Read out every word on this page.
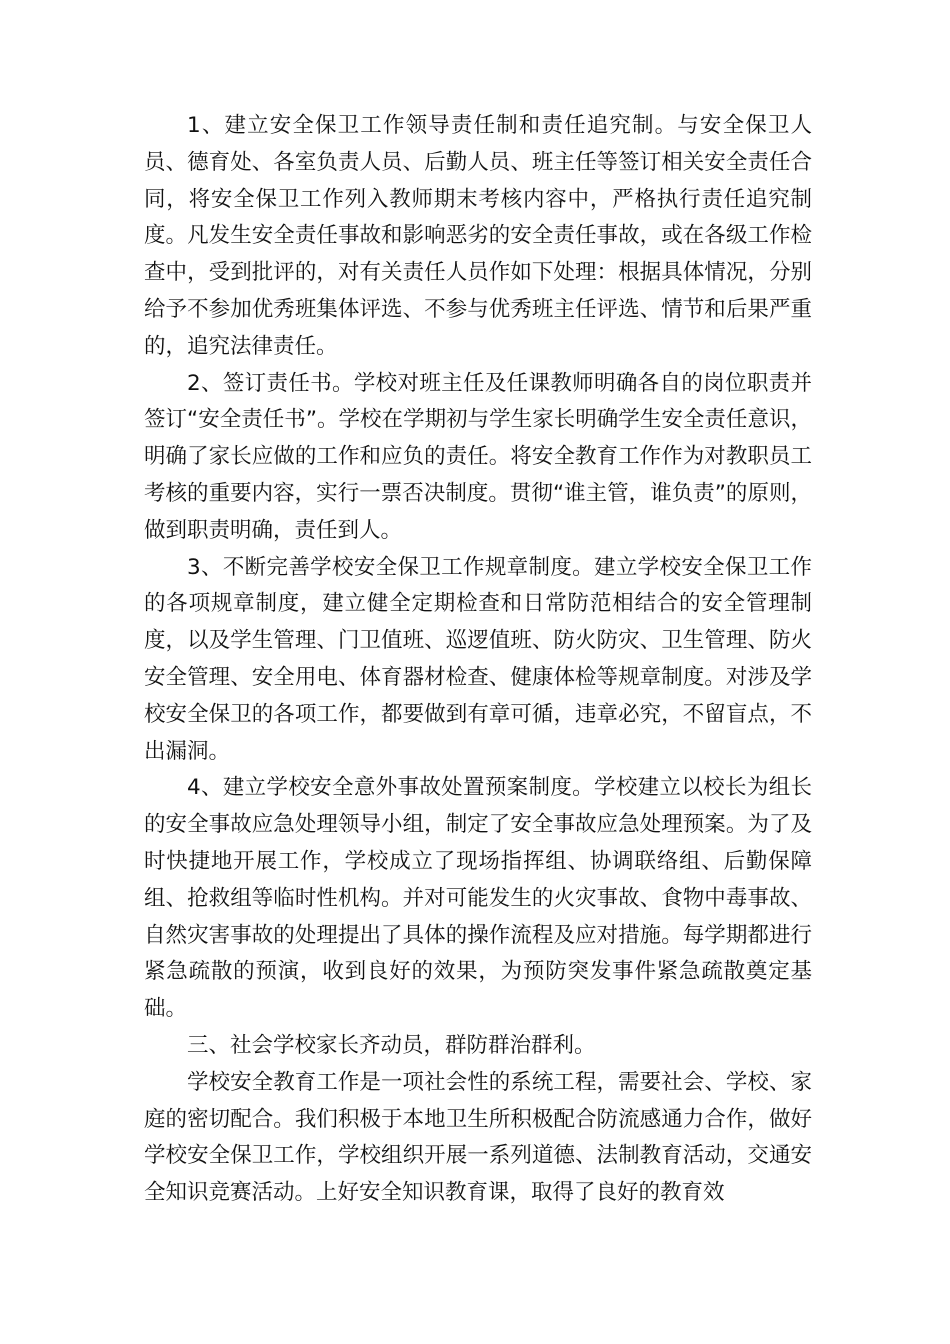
1、建立安全保卫工作领导责任制和责任追究制。与安全保卫人员、德育处、各室负责人员、后勤人员、班主任等签订相关安全责任合同，将安全保卫工作列入教师期末考核内容中，严格执行责任追究制度。凡发生安全责任事故和影响恶劣的安全责任事故，或在各级工作检查中，受到批评的，对有关责任人员作如下处理：根据具体情况，分别给予不参加优秀班集体评选、不参与优秀班主任评选、情节和后果严重的，追究法律责任。

2、签订责任书。学校对班主任及任课教师明确各自的岗位职责并签订“安全责任书”。学校在学期初与学生家长明确学生安全责任意识，明确了家长应做的工作和应负的责任。将安全教育工作作为对教职员工考核的重要内容，实行一票否决制度。贯彻“谁主管，谁负责”的原则，做到职责明确，责任到人。

3、不断完善学校安全保卫工作规章制度。建立学校安全保卫工作的各项规章制度，建立健全定期检查和日常防范相结合的安全管理制度，以及学生管理、门卫值班、巡逻值班、防火防灾、卫生管理、防火安全管理、安全用电、体育器材检查、健康体检等规章制度。对涉及学校安全保卫的各项工作，都要做到有章可循，违章必究，不留盲点，不出漏洞。

4、建立学校安全意外事故处置预案制度。学校建立以校长为组长的安全事故应急处理领导小组，制定了安全事故应急处理预案。为了及时快捷地开展工作，学校成立了现场指挥组、协调联络组、后勤保障组、抢救组等临时性机构。并对可能发生的火灾事故、食物中毒事故、自然灾害事故的处理提出了具体的操作流程及应对措施。每学期都进行紧急疏散的预演，收到良好的效果，为预防突发事件紧急疏散奠定基础。

三、社会学校家长齐动员，群防群治群利。

学校安全教育工作是一项社会性的系统工程，需要社会、学校、家庭的密切配合。我们积极于本地卫生所积极配合防流感通力合作，做好学校安全保卫工作，学校组织开展一系列道德、法制教育活动，交通安全知识竞赛活动。上好安全知识教育课，取得了良好的教育效
